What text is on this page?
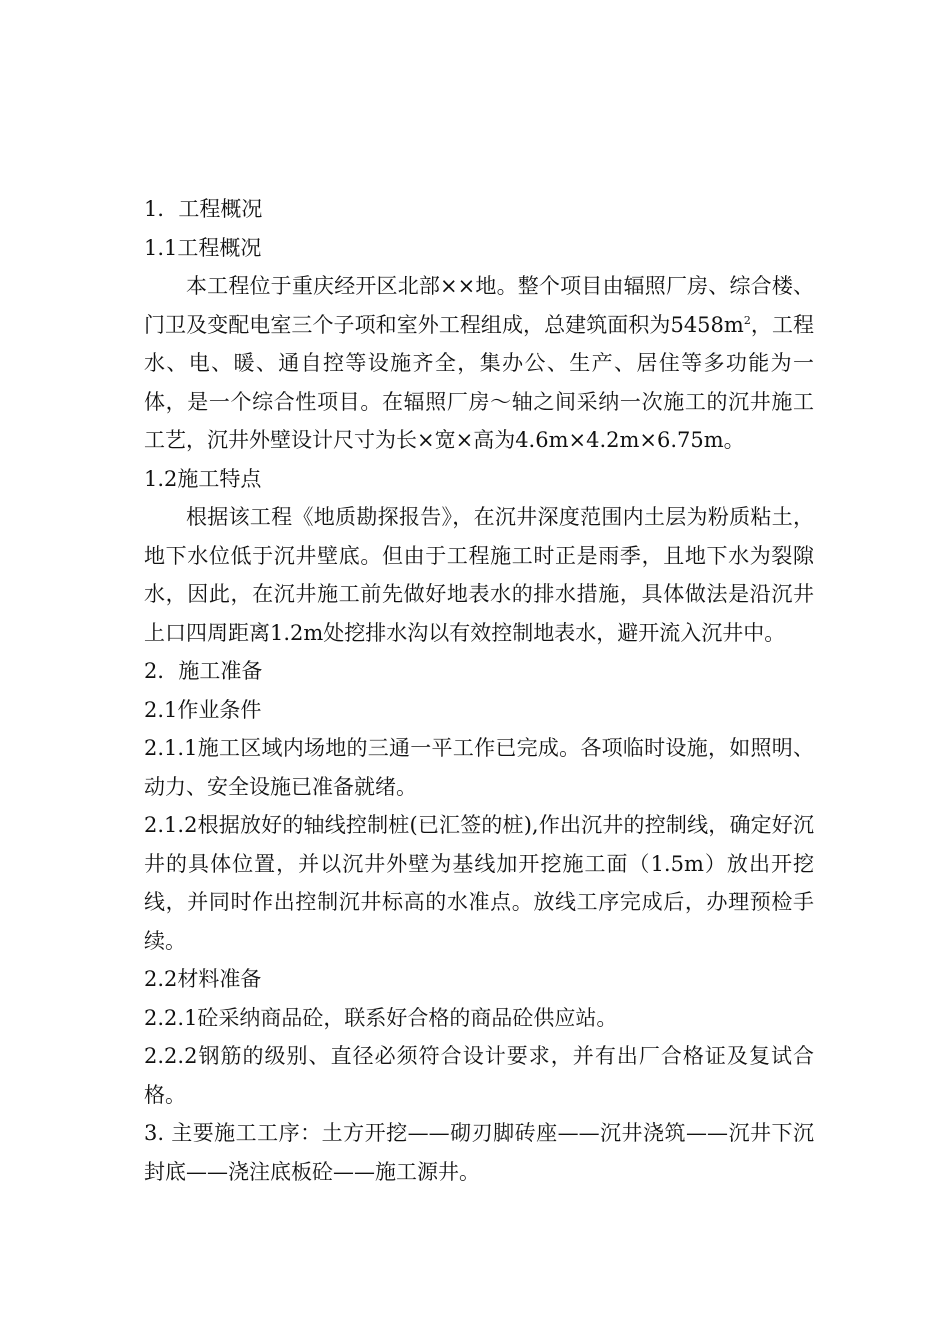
1．工程概况

1.1工程概况

本工程位于重庆经开区北部××地。整个项目由辐照厂房、综合楼、门卫及变配电室三个子项和室外工程组成，总建筑面积为$5458m^2$，工程水、电、暖、通自控等设施齐全，集办公、生产、居住等多功能为一体，是一个综合性项目。在辐照厂房～轴之间采纳一次施工的沉井施工工艺，沉井外壁设计尺寸为长×宽×高为4.6m×4.2m×6.75m。

1.2施工特点

根据该工程《地质勘探报告》，在沉井深度范围内土层为粉质粘土，地下水位低于沉井壁底。但由于工程施工时正是雨季，且地下水为裂隙水，因此，在沉井施工前先做好地表水的排水措施，具体做法是沿沉井上口四周距离1.2m处挖排水沟以有效控制地表水，避开流入沉井中。

2．施工准备

2.1作业条件

2.1.1施工区域内场地的三通一平工作已完成。各项临时设施，如照明、动力、安全设施已准备就绪。

2.1.2根据放好的轴线控制桩(已汇签的桩),作出沉井的控制线，确定好沉井的具体位置，并以沉井外壁为基线加开挖施工面（1.5m）放出开挖线，并同时作出控制沉井标高的水准点。放线工序完成后，办理预检手续。

2.2材料准备

2.2.1砼采纳商品砼，联系好合格的商品砼供应站。

2.2.2钢筋的级别、直径必须符合设计要求，并有出厂合格证及复试合格。

3. 主要施工工序：土方开挖——砌刃脚砖座——沉井浇筑——沉井下沉封底——浇注底板砼——施工源井。
